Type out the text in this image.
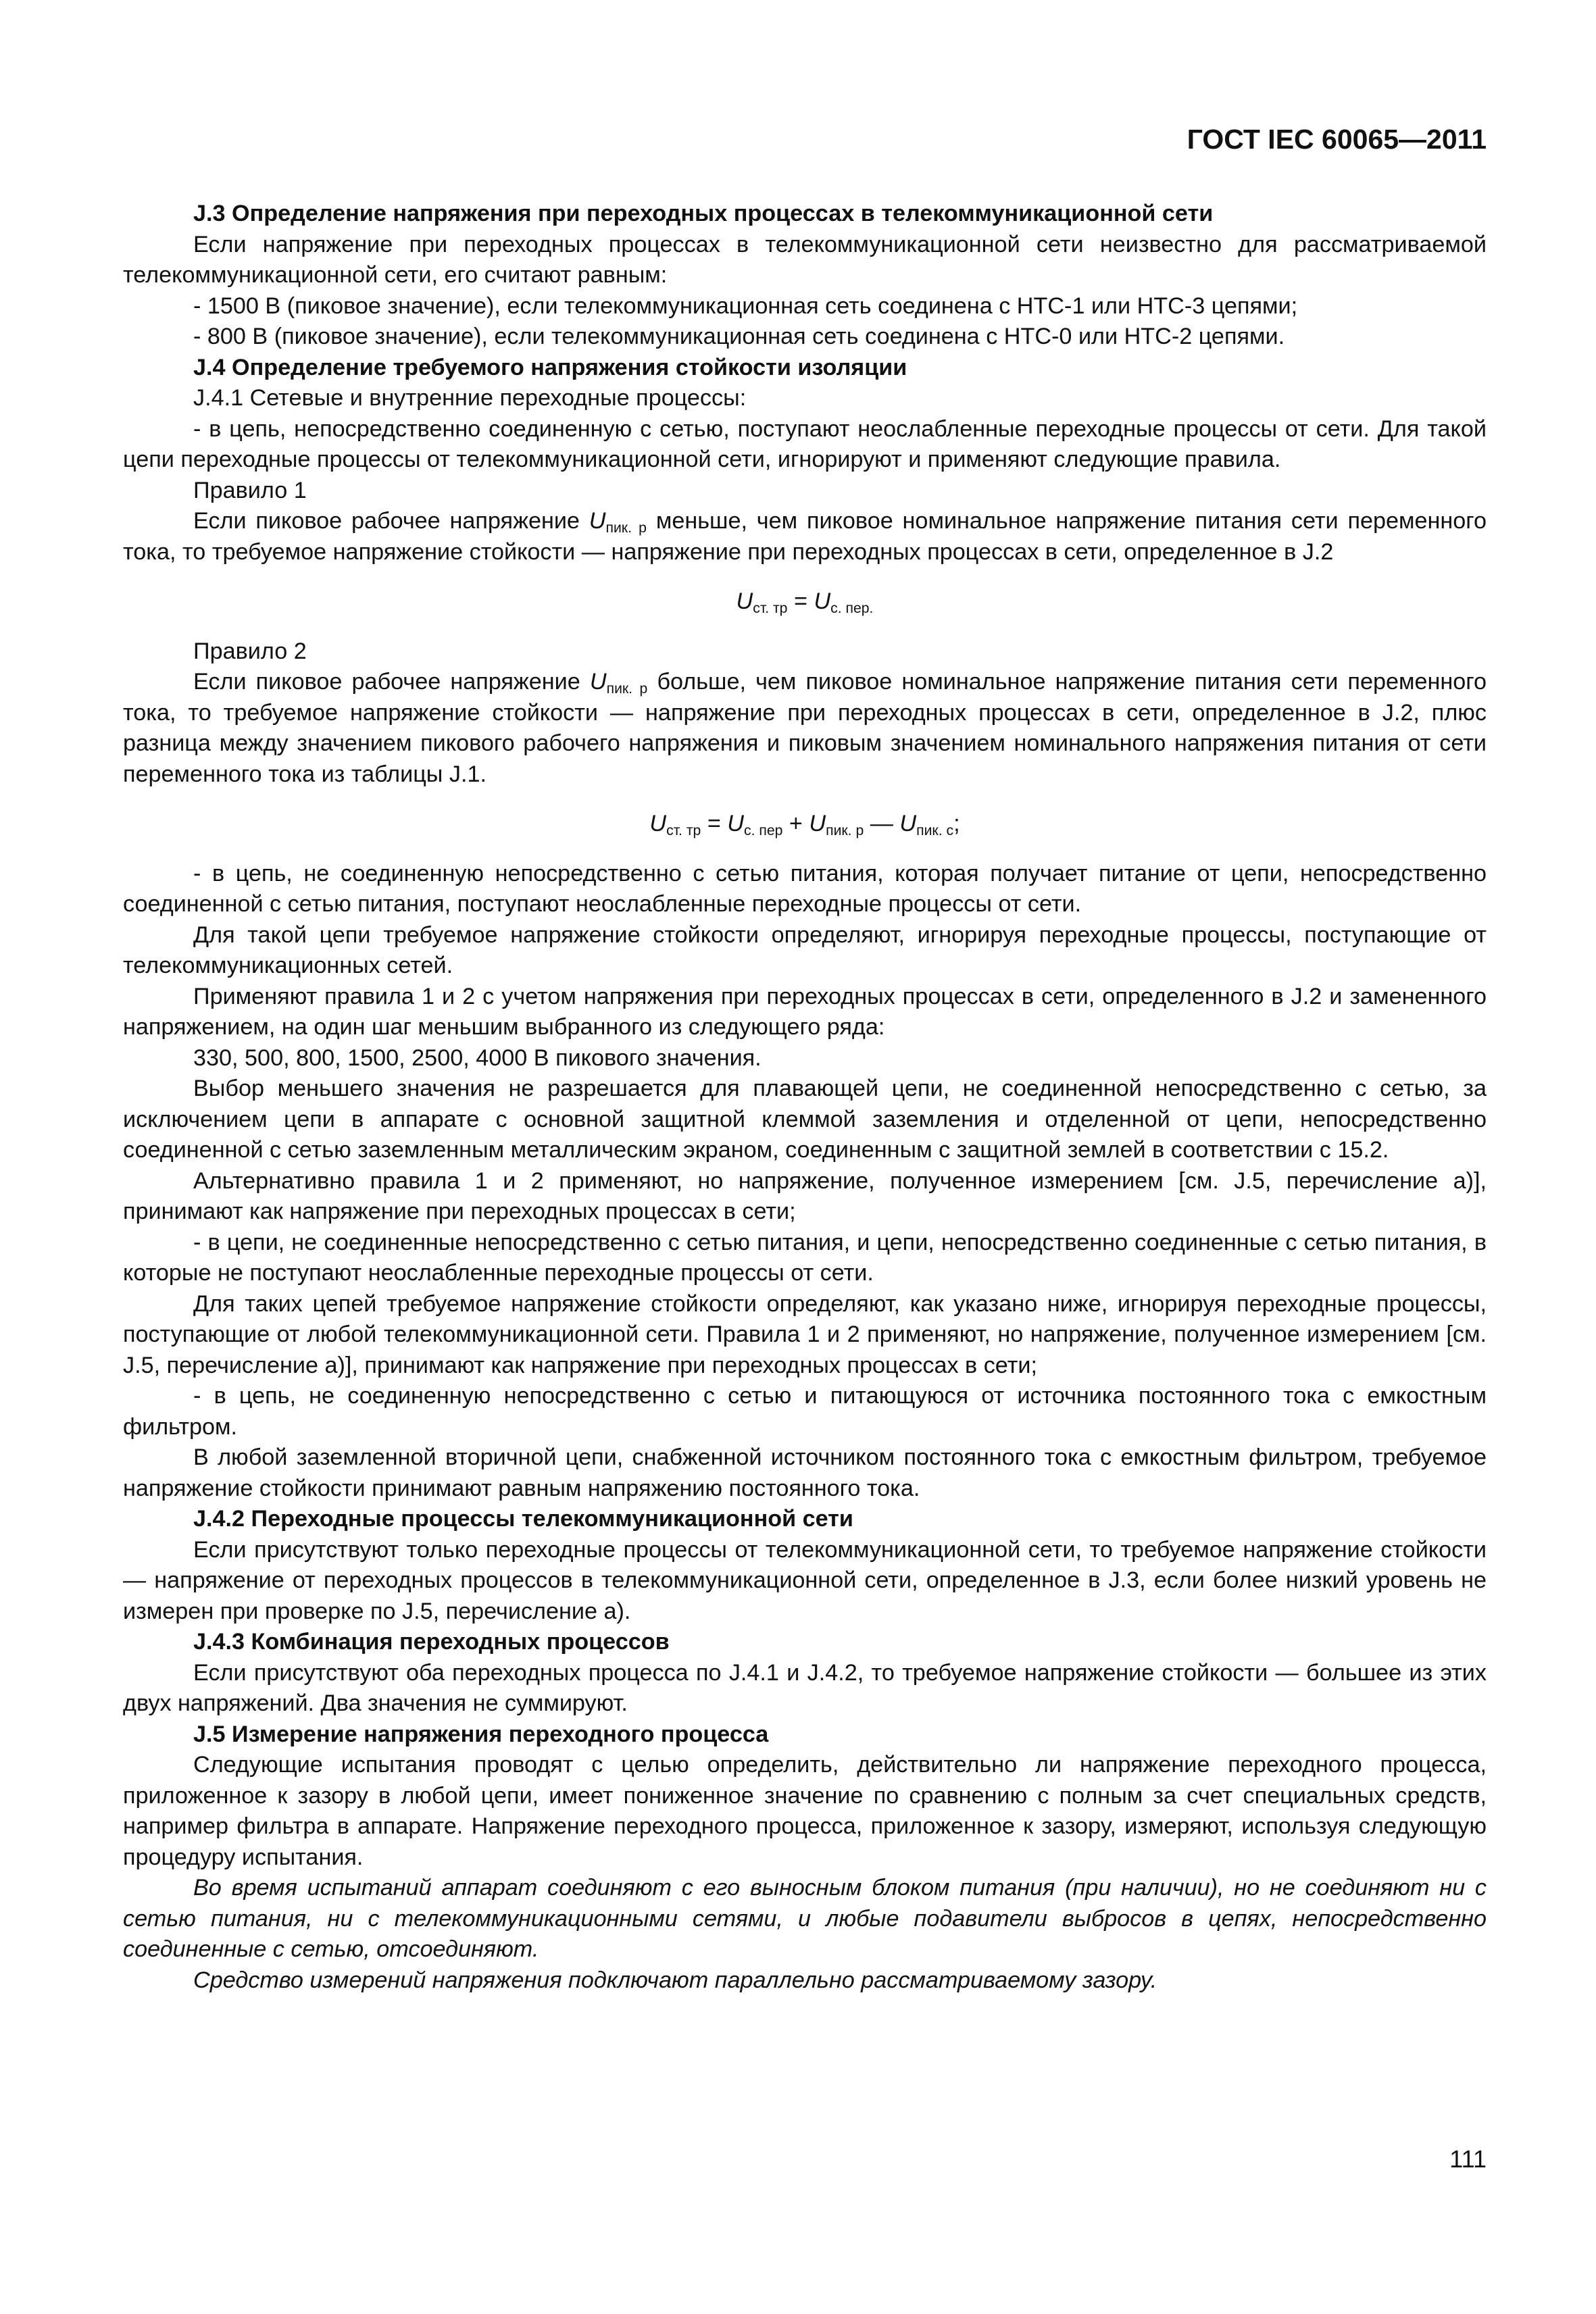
ГОСТ IEC 60065—2011

J.3 Определение напряжения при переходных процессах в телекоммуникационной сети

Если напряжение при переходных процессах в телекоммуникационной сети неизвестно для рассматриваемой телекоммуникационной сети, его считают равным:

- 1500 В (пиковое значение), если телекоммуникационная сеть соединена с НТС-1 или НТС-3 цепями;

- 800 В (пиковое значение), если телекоммуникационная сеть соединена с НТС-0 или НТС-2 цепями.

J.4 Определение требуемого напряжения стойкости изоляции

J.4.1 Сетевые и внутренние переходные процессы:

- в цепь, непосредственно соединенную с сетью, поступают неослабленные переходные процессы от сети. Для такой цепи переходные процессы от телекоммуникационной сети, игнорируют и применяют следующие правила.

Правило 1

Если пиковое рабочее напряжение $U_{пик. р}$ меньше, чем пиковое номинальное напряжение питания сети переменного тока, то требуемое напряжение стойкости — напряжение при переходных процессах в сети, определенное в J.2

$U_{ст. тр} = U_{с. пер.}$

Правило 2

Если пиковое рабочее напряжение $U_{пик. р}$ больше, чем пиковое номинальное напряжение питания сети переменного тока, то требуемое напряжение стойкости — напряжение при переходных процессах в сети, определенное в J.2, плюс разница между значением пикового рабочего напряжения и пиковым значением номинального напряжения питания от сети переменного тока из таблицы J.1.

$U_{ст. тр} = U_{с. пер} + U_{пик. р}$ — $U_{пик. с}$;

- в цепь, не соединенную непосредственно с сетью питания, которая получает питание от цепи, непосредственно соединенной с сетью питания, поступают неослабленные переходные процессы от сети.

Для такой цепи требуемое напряжение стойкости определяют, игнорируя переходные процессы, поступающие от телекоммуникационных сетей.

Применяют правила 1 и 2 с учетом напряжения при переходных процессах в сети, определенного в J.2 и замененного напряжением, на один шаг меньшим выбранного из следующего ряда:

330, 500, 800, 1500, 2500, 4000 В пикового значения.

Выбор меньшего значения не разрешается для плавающей цепи, не соединенной непосредственно с сетью, за исключением цепи в аппарате с основной защитной клеммой заземления и отделенной от цепи, непосредственно соединенной с сетью заземленным металлическим экраном, соединенным с защитной землей в соответствии с 15.2.

Альтернативно правила 1 и 2 применяют, но напряжение, полученное измерением [см. J.5, перечисление а)], принимают как напряжение при переходных процессах в сети;

- в цепи, не соединенные непосредственно с сетью питания, и цепи, непосредственно соединенные с сетью питания, в которые не поступают неослабленные переходные процессы от сети.

Для таких цепей требуемое напряжение стойкости определяют, как указано ниже, игнорируя переходные процессы, поступающие от любой телекоммуникационной сети. Правила 1 и 2 применяют, но напряжение, полученное измерением [см. J.5, перечисление а)], принимают как напряжение при переходных процессах в сети;

- в цепь, не соединенную непосредственно с сетью и питающуюся от источника постоянного тока с емкостным фильтром.

В любой заземленной вторичной цепи, снабженной источником постоянного тока с емкостным фильтром, требуемое напряжение стойкости принимают равным напряжению постоянного тока.

J.4.2 Переходные процессы телекоммуникационной сети

Если присутствуют только переходные процессы от телекоммуникационной сети, то требуемое напряжение стойкости — напряжение от переходных процессов в телекоммуникационной сети, определенное в J.3, если более низкий уровень не измерен при проверке по J.5, перечисление а).

J.4.3 Комбинация переходных процессов

Если присутствуют оба переходных процесса по J.4.1 и J.4.2, то требуемое напряжение стойкости — большее из этих двух напряжений. Два значения не суммируют.

J.5 Измерение напряжения переходного процесса

Следующие испытания проводят с целью определить, действительно ли напряжение переходного процесса, приложенное к зазору в любой цепи, имеет пониженное значение по сравнению с полным за счет специальных средств, например фильтра в аппарате. Напряжение переходного процесса, приложенное к зазору, измеряют, используя следующую процедуру испытания.

Во время испытаний аппарат соединяют с его выносным блоком питания (при наличии), но не соединяют ни с сетью питания, ни с телекоммуникационными сетями, и любые подавители выбросов в цепях, непосредственно соединенные с сетью, отсоединяют.

Средство измерений напряжения подключают параллельно рассматриваемому зазору.

111
